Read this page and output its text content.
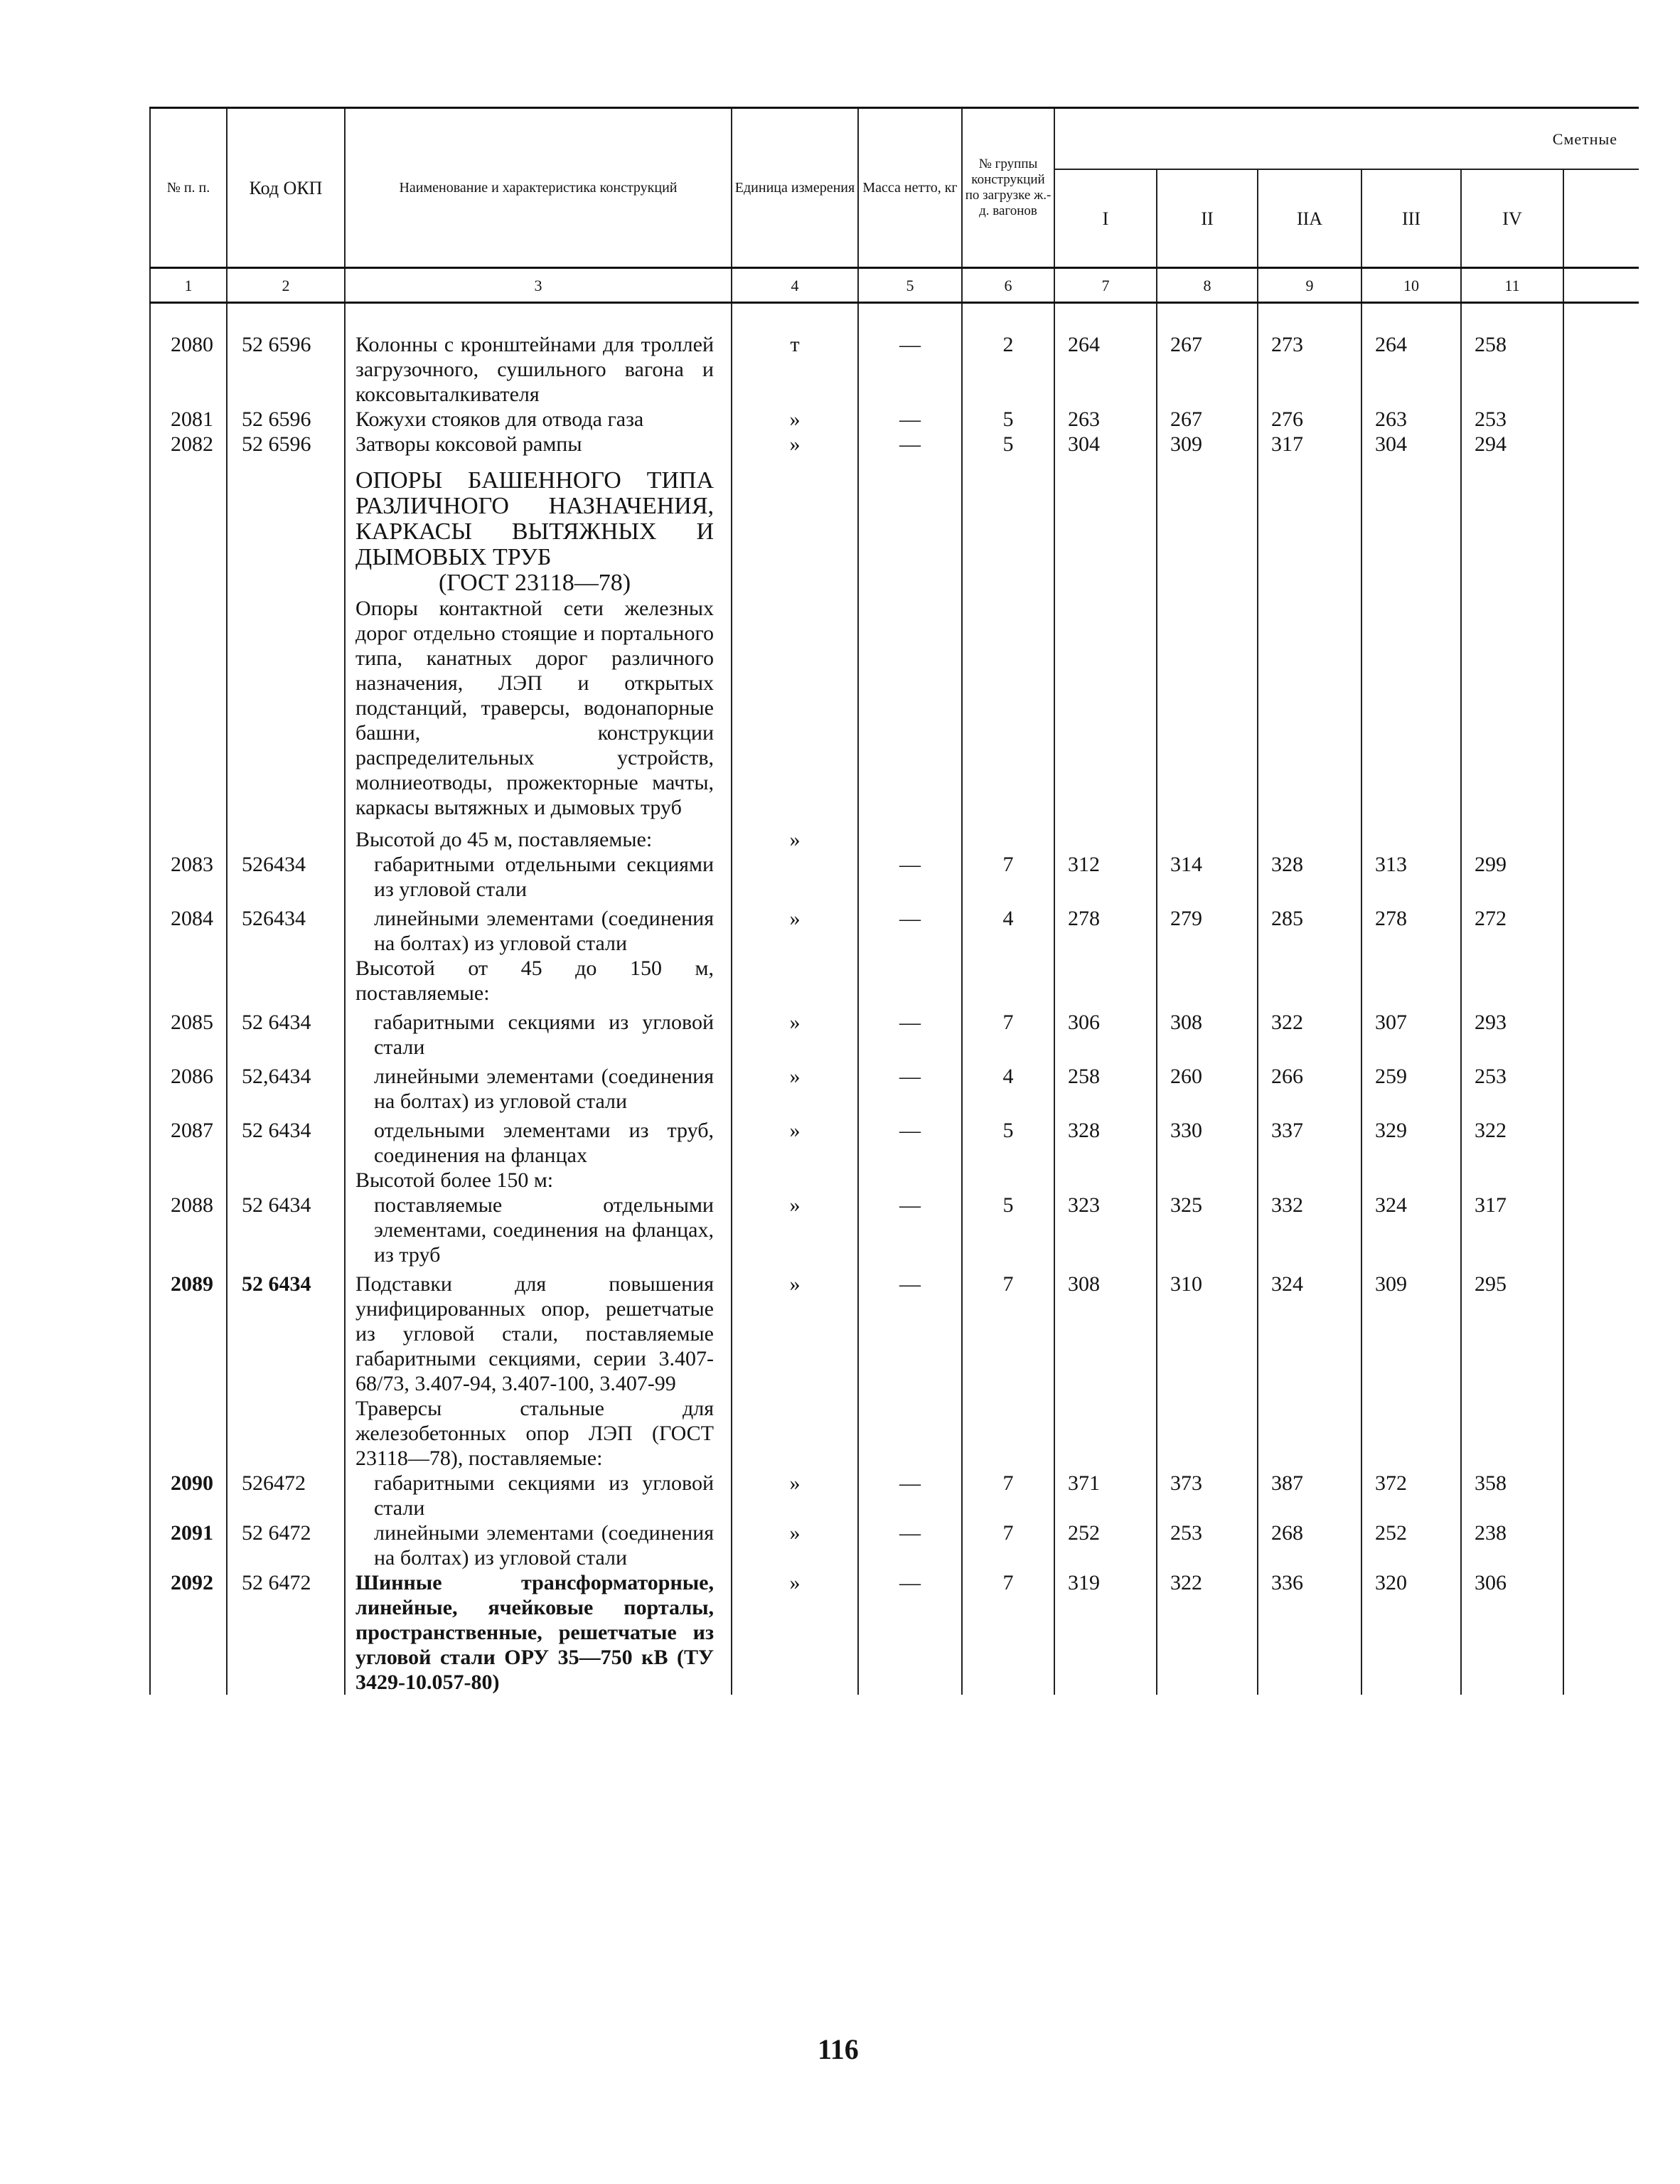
№ п. п.	Код ОКП	Наименование и характеристика конструкций	Единица измерения	Масса нетто, кг	№ группы конструкций по загрузке ж.-д. вагонов	Сметные					
						I	II	IIA	III	IV	
1	2	3	4	5	6	7	8	9	10	11	

2080	52 6596	Колонны с кронштейнами для троллей загрузочного, сушильного вагона и коксовыталкивателя	т	—	2	264	267	273	264	258	
2081	52 6596	Кожухи стояков для отвода газа	»	—	5	263	267	276	263	253	
2082	52 6596	Затворы коксовой рампы	»	—	5	304	309	317	304	294	
		ОПОРЫ БАШЕННОГО ТИПА РАЗЛИЧНОГО НАЗНАЧЕНИЯ, КАРКАСЫ ВЫТЯЖНЫХ И ДЫМОВЫХ ТРУБ
(ГОСТ 23118—78)									

		Опоры контактной сети железных дорог отдельно стоящие и портального типа, канатных дорог различного назначения, ЛЭП и открытых подстанций, траверсы, водонапорные башни, конструкции распределительных устройств, молниеотводы, прожекторные мачты, каркасы вытяжных и дымовых труб									
		Высотой до 45 м, поставляемые:	»								
2083	526434	габаритными отдельными секциями из угловой стали		—	7	312	314	328	313	299	

2084	526434	линейными элементами (соединения на болтах) из угловой стали	»	—	4	278	279	285	278	272	
		Высотой от 45 до 150 м, поставляемые:									

2085	52 6434	габаритными секциями из угловой стали	»	—	7	306	308	322	307	293	

2086	52,6434	линейными элементами (соединения на болтах) из угловой стали	»	—	4	258	260	266	259	253	

2087	52 6434	отдельными элементами из труб, соединения на фланцах	»	—	5	328	330	337	329	322	
		Высотой более 150 м:									
2088	52 6434	поставляемые отдельными элементами, соединения на фланцах, из труб	»	—	5	323	325	332	324	317	

2089	52 6434	Подставки для повышения унифицированных опор, решетчатые из угловой стали, поставляемые габаритными секциями, серии 3.407-68/73, 3.407-94, 3.407-100, 3.407-99	»	—	7	308	310	324	309	295	
		Траверсы стальные для железобетонных опор ЛЭП (ГОСТ 23118—78), поставляемые:									
2090	526472	габаритными секциями из угловой стали	»	—	7	371	373	387	372	358	
2091	52 6472	линейными элементами (соединения на болтах) из угловой стали	»	—	7	252	253	268	252	238	
2092	52 6472	Шинные трансформаторные, линейные, ячейковые порталы, пространственные, решетчатые из угловой стали ОРУ 35—750 кВ (ТУ 3429-10.057-80)	»	—	7	319	322	336	320	306	
116
